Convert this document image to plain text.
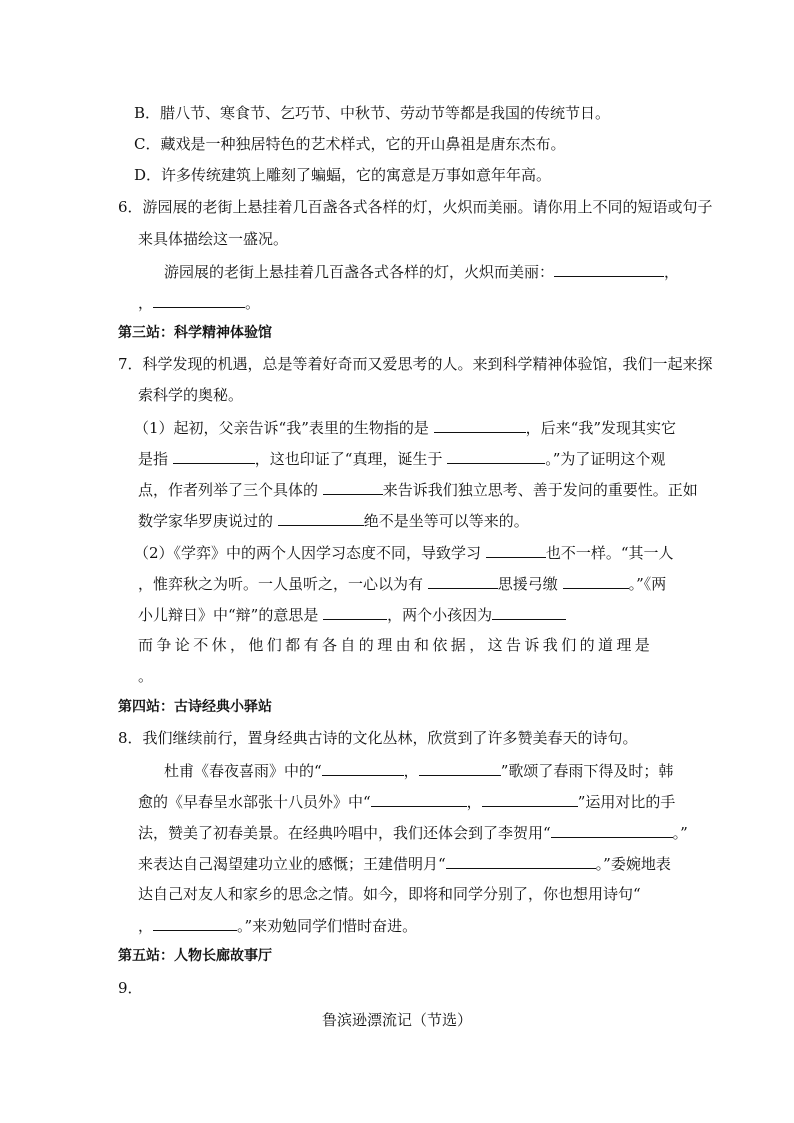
B．腊八节、寒食节、乞巧节、中秋节、劳动节等都是我国的传统节日。
C．藏戏是一种独居特色的艺术样式，它的开山鼻祖是唐东杰布。
D．许多传统建筑上雕刻了蝙蝠，它的寓意是万事如意年年高。
6．游园展的老街上悬挂着几百盏各式各样的灯，火炽而美丽。请你用上不同的短语或句子
来具体描绘这一盛况。
游园展的老街上悬挂着几百盏各式各样的灯，火炽而美丽：	，
，	。
第三站：科学精神体验馆
7．科学发现的机遇，总是等着好奇而又爱思考的人。来到科学精神体验馆，我们一起来探
索科学的奥秘。
（1）起初，父亲告诉“我”表里的生物指的是	，后来“我”发现其实它
是指	，这也印证了“真理，诞生于	。”为了证明这个观
点，作者列举了三个具体的	来告诉我们独立思考、善于发问的重要性。正如
数学家华罗庚说过的	绝不是坐等可以等来的。
（2）《学弈》中的两个人因学习态度不同，导致学习	也不一样。“其一人
，惟弈秋之为听。一人虽听之，一心以为有	思援弓缴	。”《两
小儿辩日》中“辩”的意思是	，两个小孩因为
而争论不休，他们都有各自的理由和依据，这告诉我们的道理是
。
第四站：古诗经典小驿站
8．我们继续前行，置身经典古诗的文化丛林，欣赏到了许多赞美春天的诗句。
杜甫《春夜喜雨》中的“	，	”歌颂了春雨下得及时；韩
愈的《早春呈水部张十八员外》中“	，	”运用对比的手
法，赞美了初春美景。在经典吟唱中，我们还体会到了李贺用“	。”
来表达自己渴望建功立业的感慨；王建借明月“	。”委婉地表
达自己对友人和家乡的思念之情。如今，即将和同学分别了，你也想用诗句“
，	。”来劝勉同学们惜时奋进。
第五站：人物长廊故事厅
9．
鲁滨逊漂流记（节选）
